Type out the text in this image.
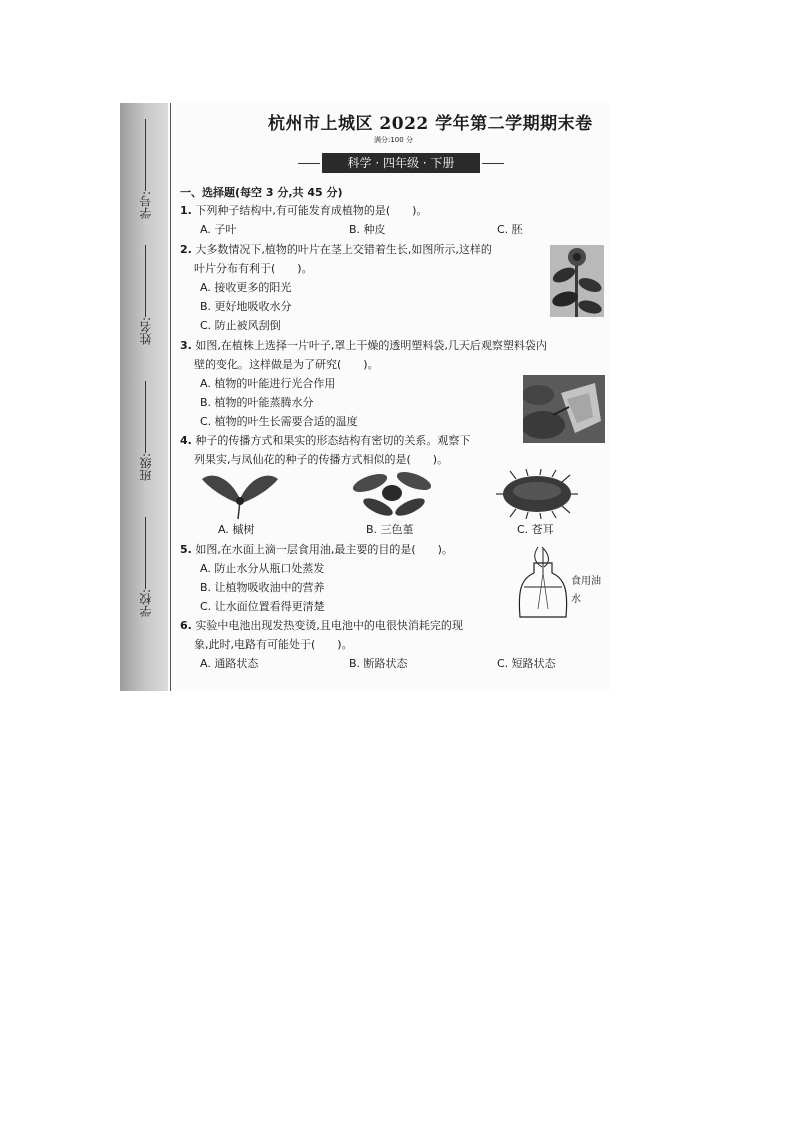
学号:
姓名:
班级:
学校:
杭州市上城区 2022 学年第二学期期末卷
满分:100 分
科学 · 四年级 · 下册
一、选择题(每空 3 分,共 45 分)
1. 下列种子结构中,有可能发育成植物的是(　　)。
A. 子叶	B. 种皮	C. 胚
2. 大多数情况下,植物的叶片在茎上交错着生长,如图所示,这样的
叶片分布有利于(　　)。
A. 接收更多的阳光
B. 更好地吸收水分
C. 防止被风刮倒
3. 如图,在植株上选择一片叶子,罩上干燥的透明塑料袋,几天后观察塑料袋内
壁的变化。这样做是为了研究(　　)。
A. 植物的叶能进行光合作用
B. 植物的叶能蒸腾水分
C. 植物的叶生长需要合适的温度
4. 种子的传播方式和果实的形态结构有密切的关系。观察下
列果实,与凤仙花的种子的传播方式相似的是(　　)。
A. 槭树	B. 三色堇	C. 苍耳
5. 如图,在水面上滴一层食用油,最主要的目的是(　　)。
A. 防止水分从瓶口处蒸发
B. 让植物吸收油中的营养
C. 让水面位置看得更清楚
食用油
水
6. 实验中电池出现发热变烫,且电池中的电很快消耗完的现
象,此时,电路有可能处于(　　)。
A. 通路状态	B. 断路状态	C. 短路状态
